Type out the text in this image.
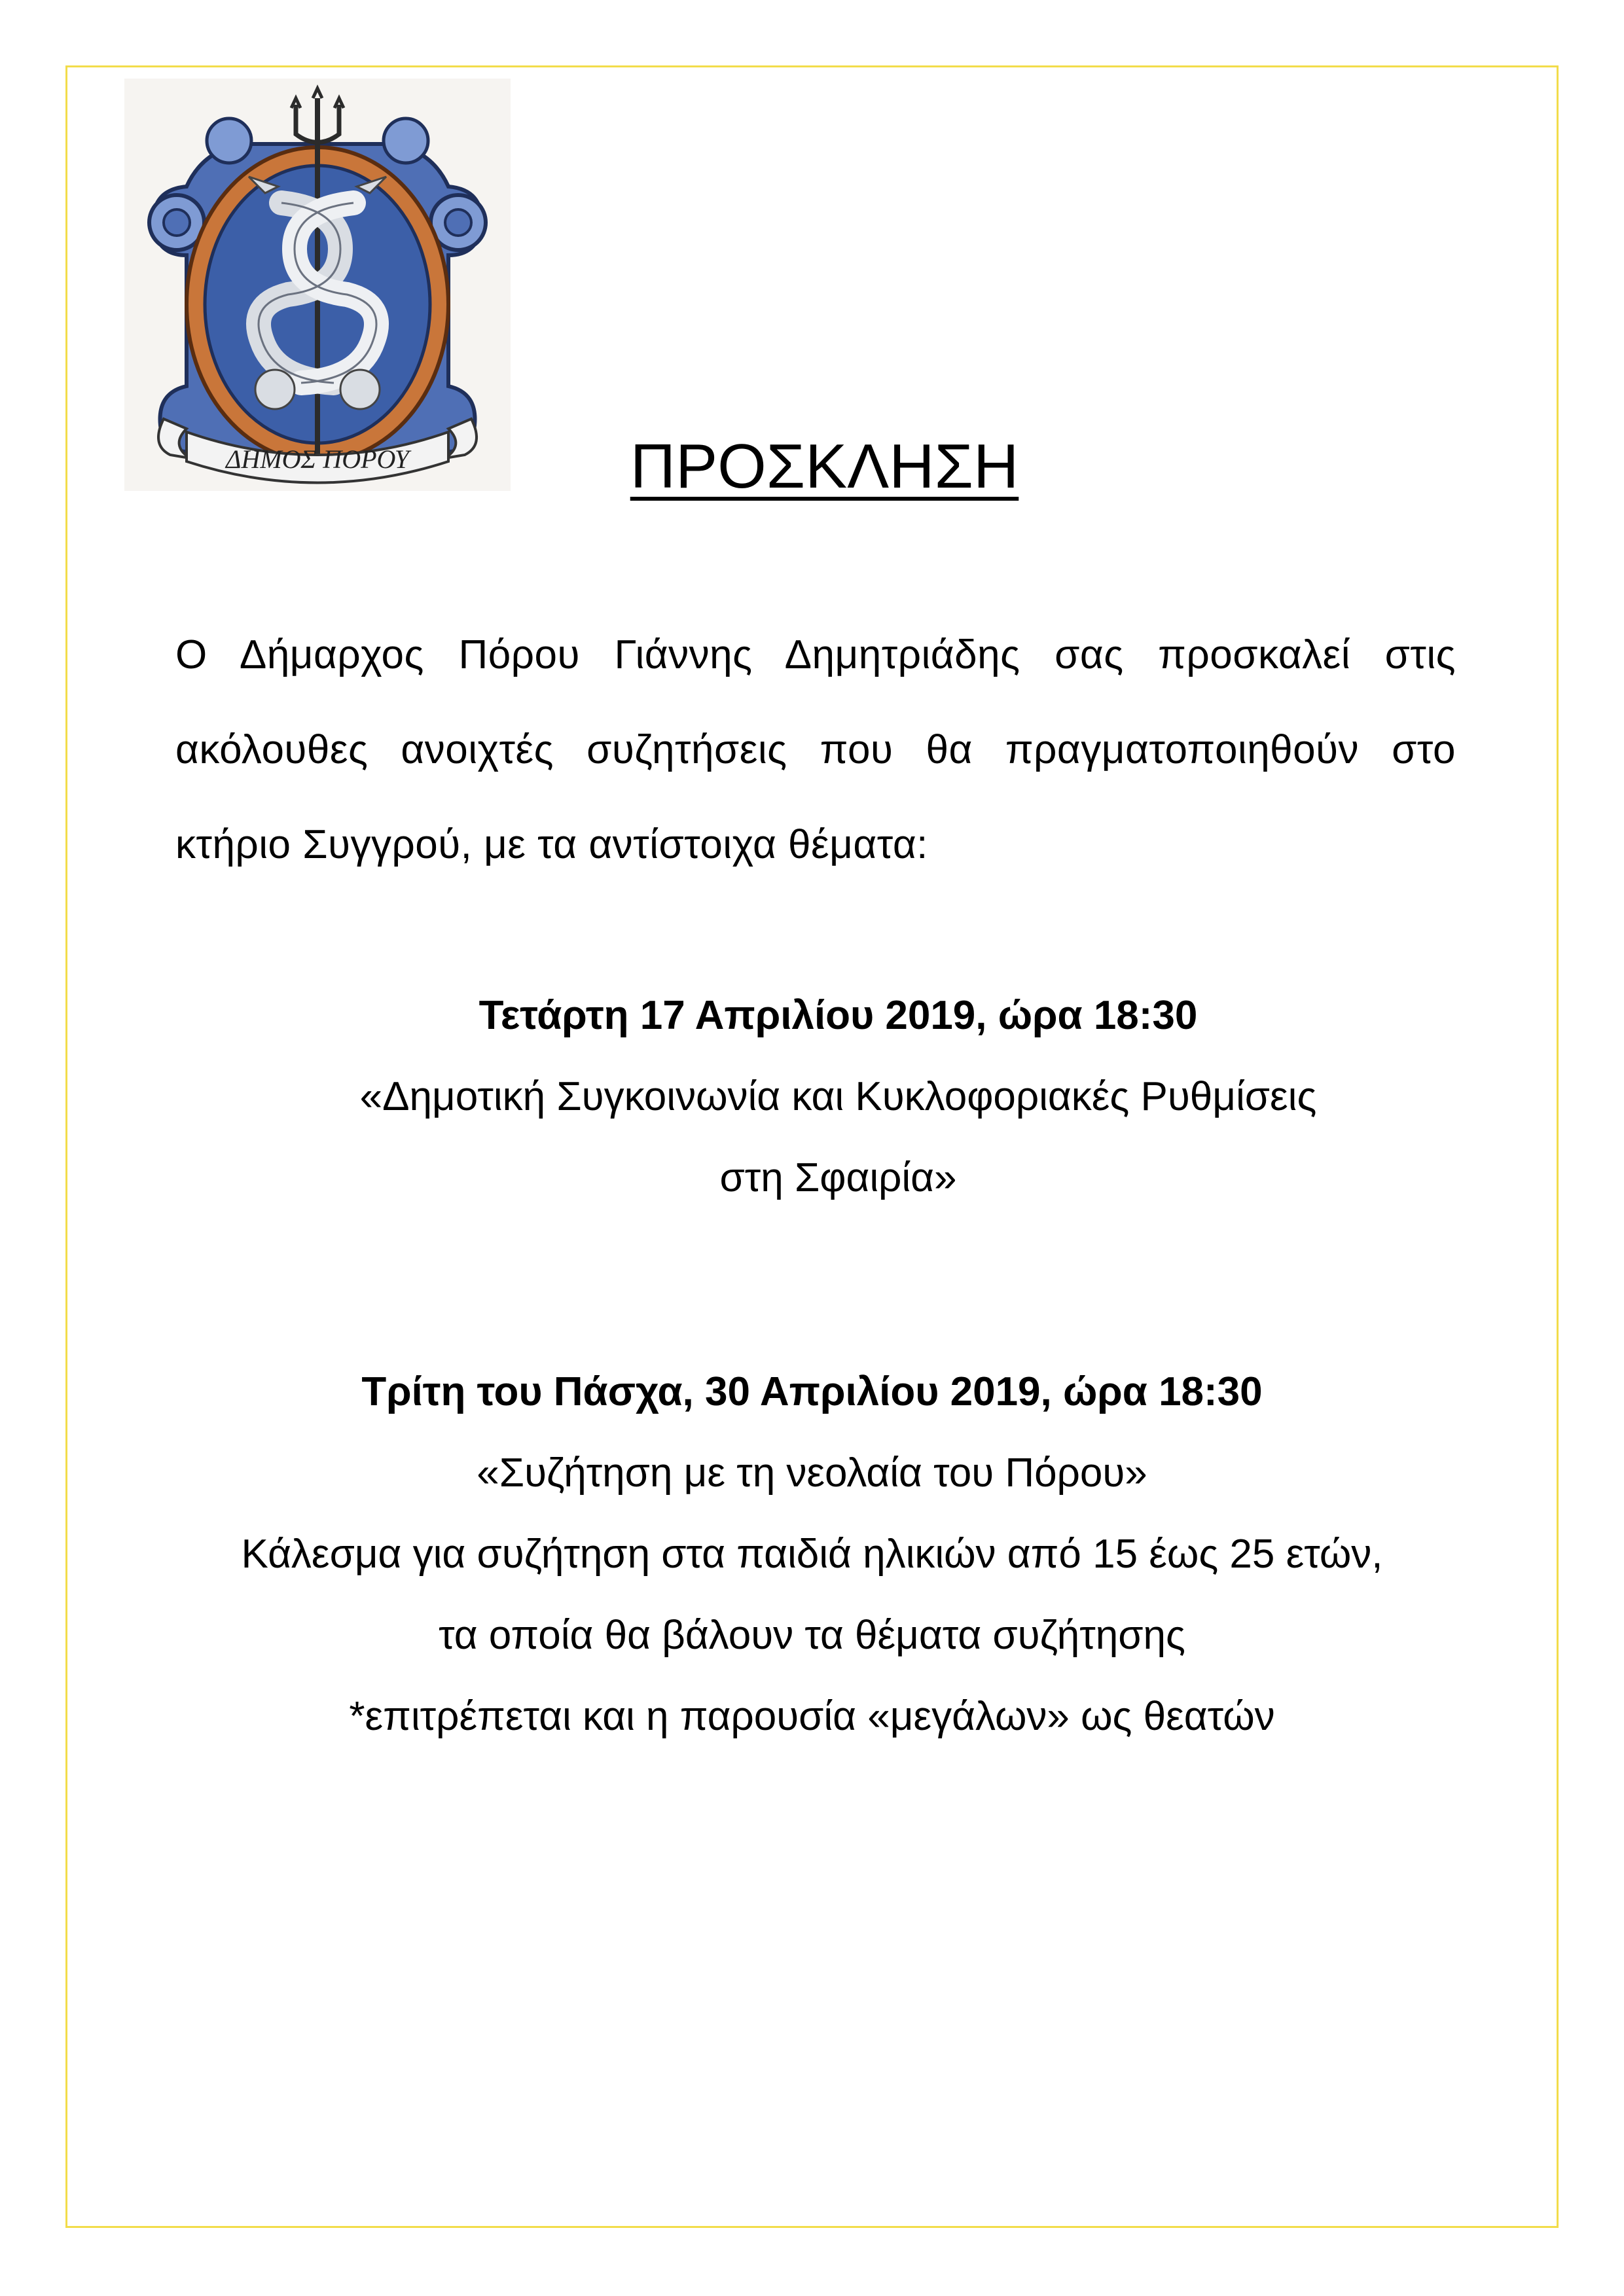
ΔΗΜΟΣ ΠΟΡΟΥ	ΠΡΟΣΚΛΗΣΗ
Ο Δήμαρχος Πόρου Γιάννης Δημητριάδης σας προσκαλεί στις ακόλουθες ανοιχτές συζητήσεις που θα πραγματοποιηθούν στο κτήριο Συγγρού, με τα αντίστοιχα θέματα:
Τετάρτη 17 Απριλίου 2019, ώρα 18:30
«Δημοτική Συγκοινωνία και Κυκλοφοριακές Ρυθμίσεις
στη Σφαιρία»
Τρίτη του Πάσχα, 30 Απριλίου 2019, ώρα 18:30
«Συζήτηση με τη νεολαία του Πόρου»
Κάλεσμα για συζήτηση στα παιδιά ηλικιών από 15 έως 25 ετών,
τα οποία θα βάλουν τα θέματα συζήτησης
*επιτρέπεται και η παρουσία «μεγάλων» ως θεατών
